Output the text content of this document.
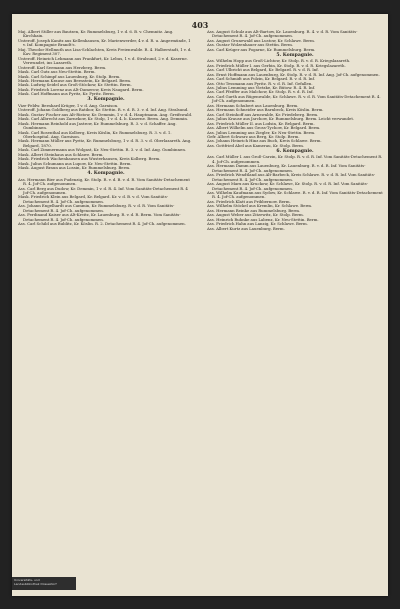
403

Maj. Albert Stiller aus Bautzen, Kr. Rummelsburg, 1 v. d. 6. B. v. Chemnitz. Ang. Kirchhain.

Unteroff. Joseph Kanitz aus Kellenhausen, Kr. Marienwerder, 4 v. d. R. u. Angermünde, 1 v. Inf. Kompagnie Brandt's.

Maj. Theodor Hellmuth aus Lisa-Schlachten, Kreis Freienwalde. R. 4. Halberstadt, 1 v. d. Kav. Regiment 307.

Unteroff. Heinrich Lehmann aus Frankfurt, Kr. Lebus, 1 v. d. Stralsund, 2 v. d. Kaserne. Verwundet, ins Lazareth.

Unteroff. Karl Seemann aus Herzberg. Berm.

Mask. Carl Gutz aus Neu-Stettin. Berm.

Mask. Carl Schimpf aus Lauenburg, Kr. Stolp. Berm.

Mask. Hermann Krause aus Bernstein, Kr. Belgard. Berm.

Mask. Ludwig Seidel aus Groß-Stöckow, Kr. Stettin. Berm.

Mask. Friedrich Lorenz aus Alt-Damerow, Kreis Naugard. Berm.

Mask. Carl Hoffmann aus Pyritz, Kr. Pyritz. Berm.

3. Kompagnie.

Vize-Feldw. Bernhard Krüger, 1 v. d. Ang. Garnison.

Unteroff. Johann Goldberg aus Ratibor, Kr. Stettin. R. v. d. R. 3. v. d. Inf. Ang. Stralsund.

Mask. Gustav Fischer aus Alt-Ristow, Kr. Demmin, 1 v. d. 4. Hauptmann. Ang. Greifswald.

Mask. Carl Albrecht aus Zarnekow, Kr. Stolp, 1 v. d. 4. b. Kaserne. Berm. Ang. Demmin.

Mask. Hermann Reinhold aus Jastrow, Kr. Rummelsburg. R. 3. v. d. Schaffer. Ang. Gumbinnen.

Mask. Carl Rosenthal aus Kolberg, Kreis Köslin, Kr. Rummelsburg. R. 3. v. d. 1. Oberhospital. Ang. Garnison.

Mask. Hermann Müller aus Pyritz, Kr. Rummelsburg, 1 v. d. R. 3. v. d. Oberlazareth. Ang. Belgard, 1870.

Mask. Carl Zimmermann aus Wolgast, Kr. Neu-Stettin. R. 3. v. d. Inf. Ang. Gumbinnen.

Mask. Albert Steinhaus aus Schlawe. Berm.

Mask. Friedrich Wachenhausen aus Wusterhausen, Kreis Kolberg. Berm.

Mask. Julius Schumann aus Lupow, Kr. Neu-Stettin. Berm.

Mask. August Braun aus Lossin, Kr. Rummelsburg. Berm.

4. Kompagnie.

Ass. Hermann Bier aus Pudenzig, Kr. Stolp. R. v. d. B. v. d. R. Vom Sanitäts-Detachement R. 4. Jof-Ch. aufgenommen.

Ass. Carl Berg aus Dudow, Kr. Demmin, 1 v. d. R. 4. Inf. Vom Sanitäts-Detachement R. 4 Jof-Ch. aufgenommen.

Mask. Friedrich Klein aus Belgard, Kr. Belgard. Kr. v. d. B. v. d. Vom Sanitäts-Detachement R. 4. Jof-Ch. aufgenommen.

Ass. Johann Engelhardt aus Cammin, Kr. Rummelsburg. R. v. d. R. Vom Sanitäts-Detachement R. 4. Jof-Ch. aufgenommen.

Ass. Ferdinand Kaiser aus Alt-Kreitz, Kr. Lauenburg. R. v. d. R. Berm. Vom Sanitäts-Detachement R. 4. Jof-Ch. aufgenommen.

Ass. Carl Schild aus Bublitz, Kr. Köslin. R. 2. Detachement R. 4. Jof-Ch. aufgenommen.

Ass. August Schulz aus Alt-Bartow, Kr. Lauenburg. R. 4. v. d. R. Vom Sanitäts-Detachement R. 4. Jof-Ch. aufgenommen.

Ass. August Grunewald aus Lustow, Kr. Schlawe. Berm.

Ass. Gustav Wolzenhauer aus Stettin. Berm.

Ass. Carl Krüger aus Pogarne, Kr. Rummelsburg. Berm.

5. Kompagnie.

Ass. Wilhelm Hopp aus Groß-Lichtow, Kr. Stolp. R. v. d. R. Kriegslazareth.

Ass. Friedrich Müller I. aus Gerbin, Kr. Stolp. R. v. d. R. Kriegslazareth.

Ass. Carl Ulbricht aus Belgard, Kr. Belgard. R. v. d. R. Inf.

Ass. Ernst Hoffmann aus Lauenburg, Kr. Stolp. R. v. d. R. Inf. Ang. Jof-Ch. aufgenommen.

Ass. Carl Schmidt aus Polzin, Kr. Belgard. R. v. d. R. Inf.

Ass. Otto Tessmann aus Pyritz. R. v. d. R. Inf. Gefallen.

Ass. Julius Lemming aus Vietzke, Kr. Bütow. R. 4. R. Inf.

Ass. Carl Pfeiffer aus Malchow, Kr. Stolp. R. v. d. R. Inf.

Ass. Carl Gurth aus Rügenwalde, Kr. Schlawe. R. v. d. R. Vom Sanitäts-Detachement R. 4. Jof-Ch. aufgenommen.

Ass. Hermann Schubert aus Lauenburg. Berm.

Ass. Hermann Schneider aus Barnbeck, Kreis Köslin. Berm.

Ass. Carl Steinhoff aus Arnswalde, Kr. Friedeberg. Berm.

Ass. Julius Krause aus Jarchow, Kr. Rummelsburg. Berm. Leicht verwundet.

Ass. Friedrich Müller II. aus Lodsin, Kr. Belgard. Berm.

Ass. Albert Wilhelm aus Gross-Tychow, Kr. Belgard. Berm.

Ass. Julius Lemming aus Ziegler, Kr. Neu-Stettin. Berm.

Gefr. Albert Schwarz aus Berg, Kr. Stolp. Berm.

Ass. Johann Heinrich Hinz aus Buch, Kreis Schlawe. Berm.

Ass. Gottfried Abel aus Kamerau, Kr. Stolp. Berm.

6. Kompagnie.

Ass. Carl Müller I. aus Groß-Carzin, Kr. Stolp. R. v. d. R. Inf. Vom Sanitäts-Detachement R. 4. Jof-Ch. aufgenommen.

Ass. Hermann Damm aus Lauenburg, Kr. Lauenburg. R. v. d. R. Inf. Vom Sanitäts-Detachement R. 4. Jof-Ch. aufgenommen.

Ass. Friedrich Wendtland aus Alt-Barbeck, Kreis Schlawe. R. v. d. R. Inf. Vom Sanitäts-Detachement R. 4. Jof-Ch. aufgenommen.

Ass. August Marx aus Kruckow, Kr. Schlawe, Kr. Stolp. R. v. d. R. Inf. Vom Sanitäts-Detachement R. 4. Jof-Ch. aufgenommen.

Ass. Wilhelm Kaufmann aus Sydow, Kr. Schlawe. R. v. d. R. Inf. Vom Sanitäts-Detachement R. 4. Jof-Ch. aufgenommen.

Ass. Friedrich Klatt aus Pribbernow. Berm.

Ass. Wilhelm Stöckel aus Kremlin, Kr. Schlawe. Berm.

Ass. Hermann Reinke aus Rummelsburg. Berm.

Ass. August Weber aus Zitzewitz, Kr. Stolp. Berm.

Ass. Heinrich Ruhnke aus Labenz, Kr. Neu-Stettin. Berm.

Ass. Friedrich Hahn aus Lanzig, Kr. Schlawe. Berm.

Ass. Albert Kurtz aus Lauenburg. Berm.

Universitäts- und
Landesbibliothek Düsseldorf
